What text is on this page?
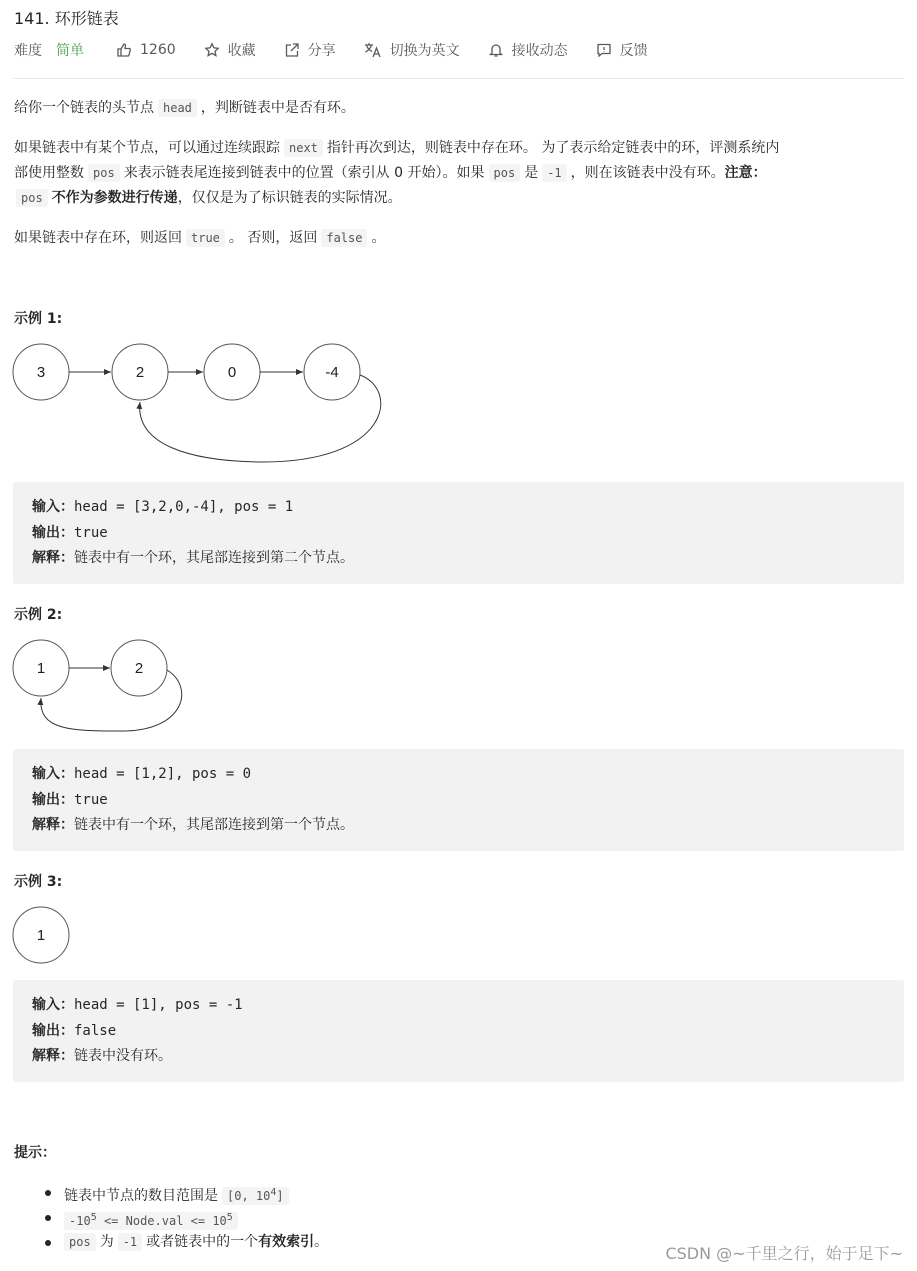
141. 环形链表
难度 简单	1260	收藏	分享	切换为英文	接收动态	反馈
给你一个链表的头节点 head ，判断链表中是否有环。
如果链表中有某个节点，可以通过连续跟踪 next 指针再次到达，则链表中存在环。 为了表示给定链表中的环，评测系统内
部使用整数 pos 来表示链表尾连接到链表中的位置（索引从 0 开始）。如果 pos 是 -1 ，则在该链表中没有环。注意：
pos 不作为参数进行传递，仅仅是为了标识链表的实际情况。
如果链表中存在环，则返回 true 。 否则，返回 false 。
示例 1:
3	2	0	-4
输入：head = [3,2,0,-4], pos = 1
输出：true
解释：链表中有一个环，其尾部连接到第二个节点。
示例 2:
1	2
输入：head = [1,2], pos = 0
输出：true
解释：链表中有一个环，其尾部连接到第一个节点。
示例 3:
1
输入：head = [1], pos = -1
输出：false
解释：链表中没有环。
提示：
链表中节点的数目范围是 [0, $10^4$]
$-10^5$ <= Node.val <= $10^5$
pos 为 -1 或者链表中的一个有效索引。
CSDN @~千里之行，始于足下~
